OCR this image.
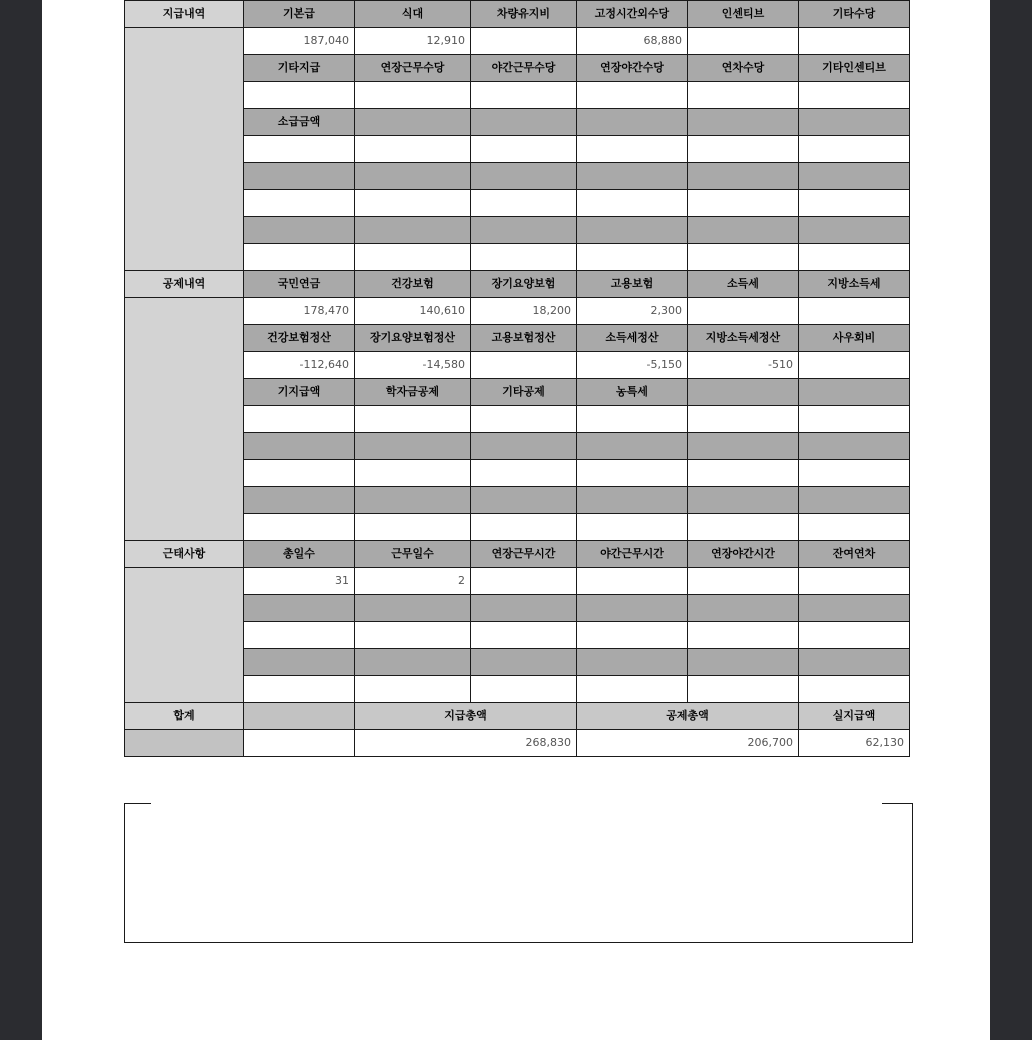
지급내역	기본급	식대	차량유지비	고정시간외수당	인센티브	기타수당
	187,040	12,910		68,880		
	기타지급	연장근무수당	야간근무수당	연장야간수당	연차수당	기타인센티브

	소급금액					

공제내역	국민연금	건강보험	장기요양보험	고용보험	소득세	지방소득세
	178,470	140,610	18,200	2,300		
	건강보험정산	장기요양보험정산	고용보험정산	소득세정산	지방소득세정산	사우회비
	-112,640	-14,580		-5,150	-510	
	기지급액	학자금공제	기타공제	농특세		

근태사항	총일수	근무일수	연장근무시간	야간근무시간	연장야간시간	잔여연차
	31	2				

합계		지급총액		공제총액		실지급액
		268,830		206,700		62,130
